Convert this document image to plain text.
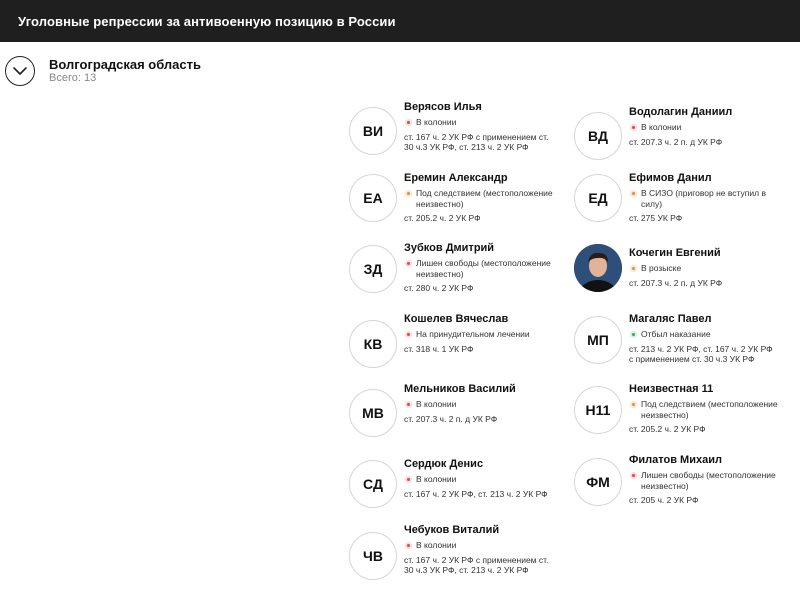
Уголовные репрессии за антивоенную позицию в России
Волгоградская область
Всего: 13
ВИ
Верясов Илья
В колонии
ст. 167 ч. 2 УК РФ с применением ст.
30 ч.3 УК РФ, ст. 213 ч. 2 УК РФ
ВД
Водолагин Даниил
В колонии
ст. 207.3 ч. 2 п. д УК РФ
ЕА
Еремин Александр
Под следствием (местоположение
неизвестно)
ст. 205.2 ч. 2 УК РФ
ЕД
Ефимов Данил
В СИЗО (приговор не вступил в
силу)
ст. 275 УК РФ
ЗД
Зубков Дмитрий
Лишен свободы (местоположение
неизвестно)
ст. 280 ч. 2 УК РФ
Кочегин Евгений
В розыске
ст. 207.3 ч. 2 п. д УК РФ
КВ
Кошелев Вячеслав
На принудительном лечении
ст. 318 ч. 1 УК РФ
МП
Магаляс Павел
Отбыл наказание
ст. 213 ч. 2 УК РФ, ст. 167 ч. 2 УК РФ
с применением ст. 30 ч.3 УК РФ
МВ
Мельников Василий
В колонии
ст. 207.3 ч. 2 п. д УК РФ
Н11
Неизвестная 11
Под следствием (местоположение
неизвестно)
ст. 205.2 ч. 2 УК РФ
СД
Сердюк Денис
В колонии
ст. 167 ч. 2 УК РФ, ст. 213 ч. 2 УК РФ
ФМ
Филатов Михаил
Лишен свободы (местоположение
неизвестно)
ст. 205 ч. 2 УК РФ
ЧВ
Чебуков Виталий
В колонии
ст. 167 ч. 2 УК РФ с применением ст.
30 ч.3 УК РФ, ст. 213 ч. 2 УК РФ
